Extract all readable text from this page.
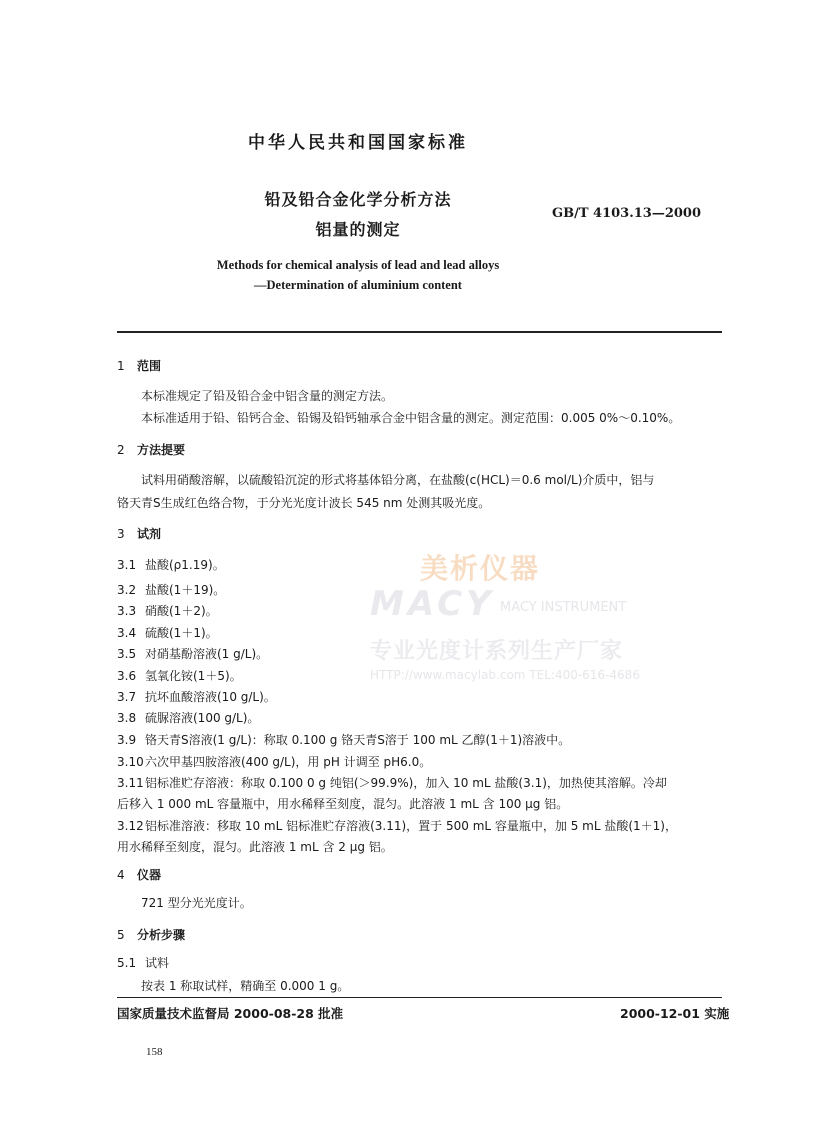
美析仪器
MACY MACY INSTRUMENT
专业光度计系列生产厂家
HTTP://www.macylab.com TEL:400-616-4686
中华人民共和国国家标准
铅及铅合金化学分析方法
铝量的测定
GB/T 4103.13—2000
Methods for chemical analysis of lead and lead alloys
—Determination of aluminium content
1 范围
本标准规定了铅及铅合金中铝含量的测定方法。
本标准适用于铅、铅钙合金、铅锡及铅钙轴承合金中铝含量的测定。测定范围：0.005 0%～0.10%。
2 方法提要
试料用硝酸溶解，以硫酸铅沉淀的形式将基体铅分离，在盐酸(c(HCL)＝0.6 mol/L)介质中，铝与
铬天青S生成红色络合物，于分光光度计波长 545 nm 处测其吸光度。
3 试剂
3.1 盐酸(ρ1.19)。
3.2 盐酸(1＋19)。
3.3 硝酸(1＋2)。
3.4 硫酸(1＋1)。
3.5 对硝基酚溶液(1 g/L)。
3.6 氢氧化铵(1＋5)。
3.7 抗坏血酸溶液(10 g/L)。
3.8 硫脲溶液(100 g/L)。
3.9 铬天青S溶液(1 g/L)：称取 0.100 g 铬天青S溶于 100 mL 乙醇(1＋1)溶液中。
3.10六次甲基四胺溶液(400 g/L)，用 pH 计调至 pH6.0。
3.11铝标准贮存溶液：称取 0.100 0 g 纯铝(＞99.9%)，加入 10 mL 盐酸(3.1)，加热使其溶解。冷却
3.12铝标准溶液：移取 10 mL 铝标准贮存溶液(3.11)，置于 500 mL 容量瓶中，加 5 mL 盐酸(1＋1)，
后移入 1 000 mL 容量瓶中，用水稀释至刻度，混匀。此溶液 1 mL 含 100 μg 铝。
用水稀释至刻度，混匀。此溶液 1 mL 含 2 μg 铝。
4 仪器
721 型分光光度计。
5 分析步骤
5.1 试料
按表 1 称取试样，精确至 0.000 1 g。
国家质量技术监督局 2000-08-28 批准	2000-12-01 实施
158
